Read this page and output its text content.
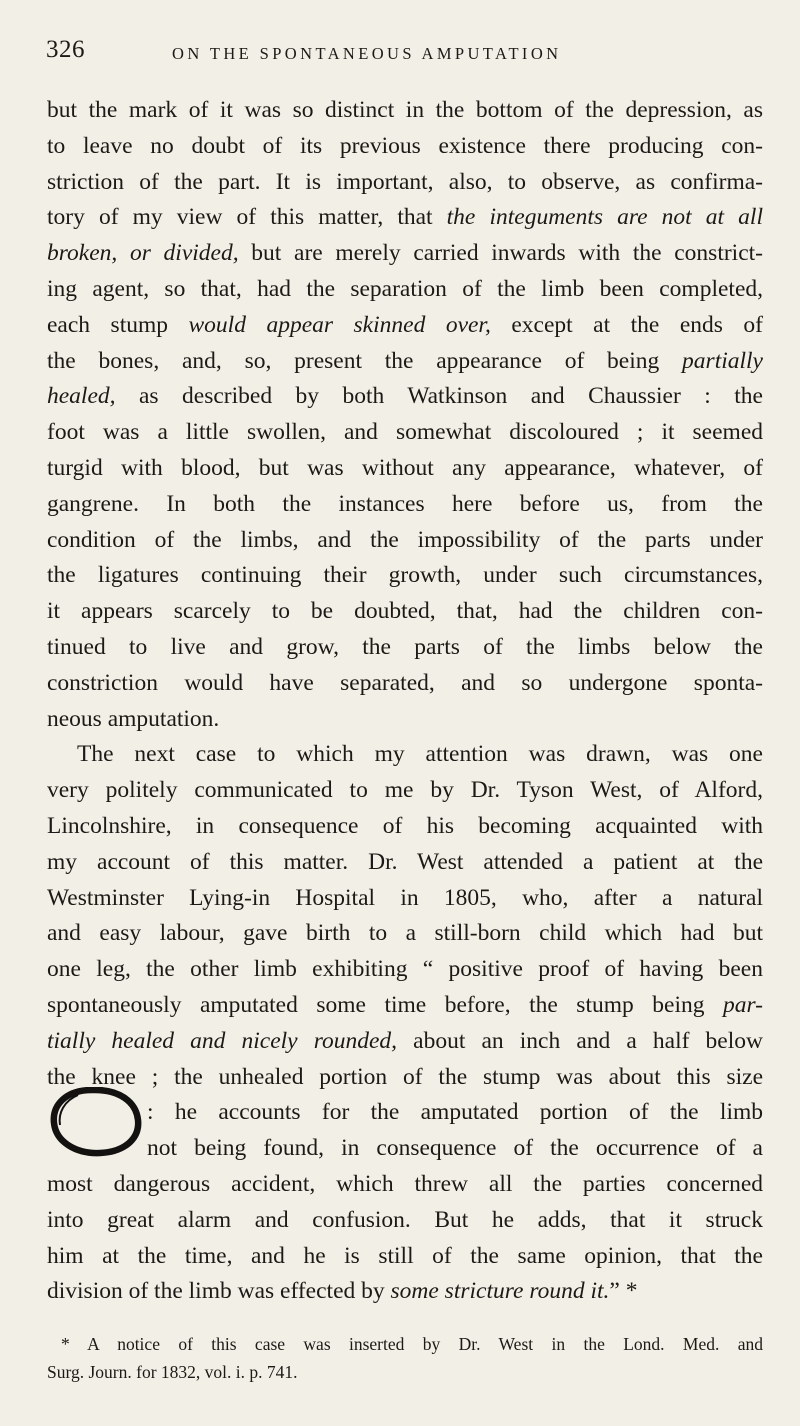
326	ON THE SPONTANEOUS AMPUTATION
but the mark of it was so distinct in the bottom of the depression, as
to leave no doubt of its previous existence there producing con-
striction of the part. It is important, also, to observe, as confirma-
tory of my view of this matter, that the integuments are not at all
broken, or divided, but are merely carried inwards with the constrict-
ing agent, so that, had the separation of the limb been completed,
each stump would appear skinned over, except at the ends of
the bones, and, so, present the appearance of being partially
healed, as described by both Watkinson and Chaussier : the
foot was a little swollen, and somewhat discoloured ; it seemed
turgid with blood, but was without any appearance, whatever, of
gangrene. In both the instances here before us, from the
condition of the limbs, and the impossibility of the parts under
the ligatures continuing their growth, under such circumstances,
it appears scarcely to be doubted, that, had the children con-
tinued to live and grow, the parts of the limbs below the
constriction would have separated, and so undergone sponta-
neous amputation.
The next case to which my attention was drawn, was one
very politely communicated to me by Dr. Tyson West, of Alford,
Lincolnshire, in consequence of his becoming acquainted with
my account of this matter. Dr. West attended a patient at the
Westminster Lying-in Hospital in 1805, who, after a natural
and easy labour, gave birth to a still-born child which had but
one leg, the other limb exhibiting “ positive proof of having been
spontaneously amputated some time before, the stump being par-
tially healed and nicely rounded, about an inch and a half below
the knee ; the unhealed portion of the stump was about this size
: he accounts for the amputated portion of the limb
not being found, in consequence of the occurrence of a
most dangerous accident, which threw all the parties concerned
into great alarm and confusion. But he adds, that it struck
him at the time, and he is still of the same opinion, that the
division of the limb was effected by some stricture round it.” *
* A notice of this case was inserted by Dr. West in the Lond. Med. and
Surg. Journ. for 1832, vol. i. p. 741.
